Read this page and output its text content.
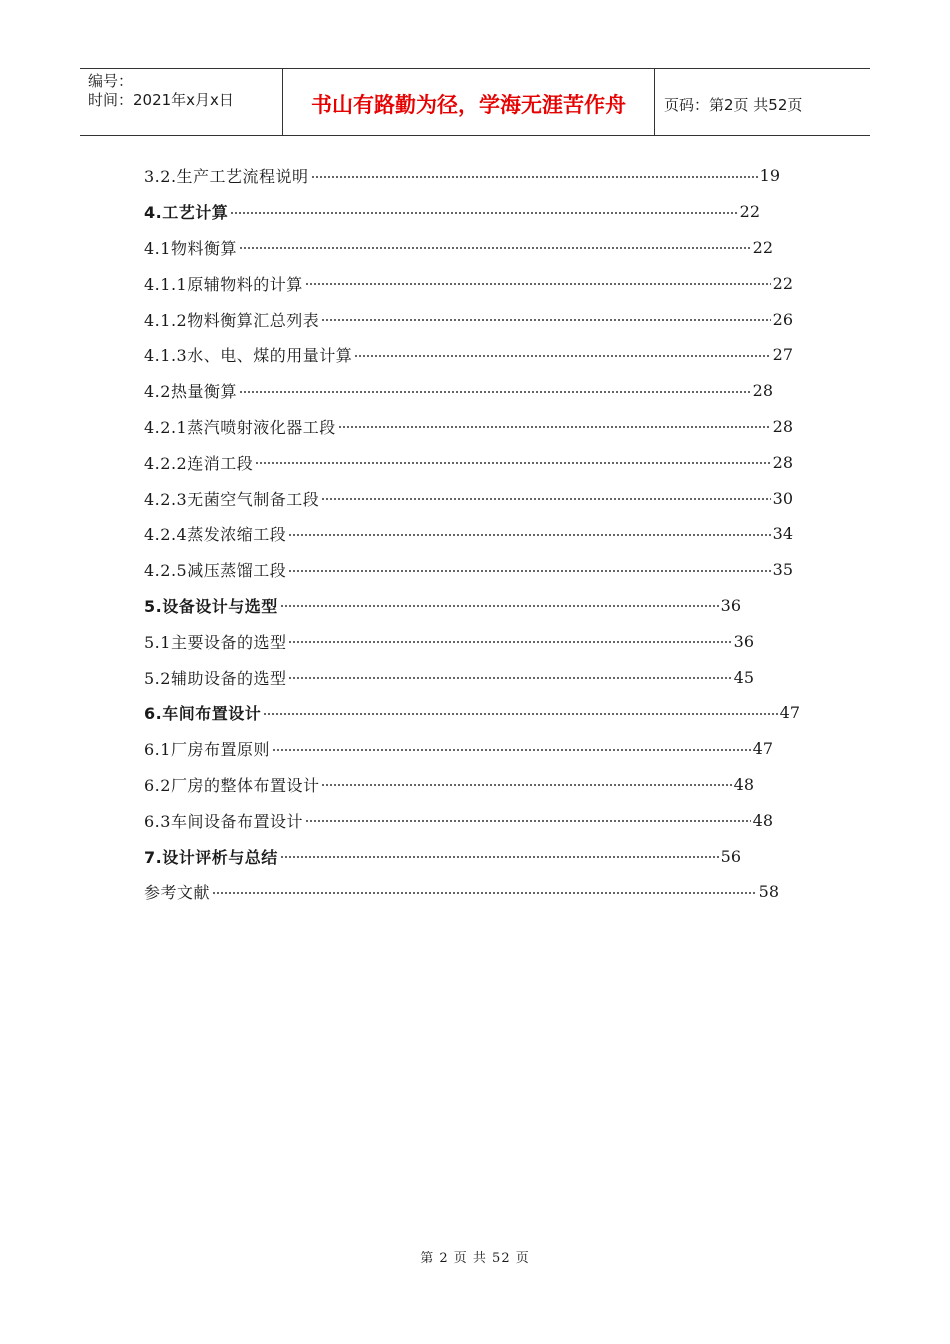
编号：
时间：2021年x月x日	书山有路勤为径，学海无涯苦作舟	页码：第2页 共52页
3.2.生产工艺流程说明	19
4.工艺计算	22
4.1物料衡算	22
4.1.1原辅物料的计算	22
4.1.2物料衡算汇总列表	26
4.1.3水、电、煤的用量计算	27
4.2热量衡算	28
4.2.1蒸汽喷射液化器工段	28
4.2.2连消工段	28
4.2.3无菌空气制备工段	30
4.2.4蒸发浓缩工段	34
4.2.5减压蒸馏工段	35
5.设备设计与选型	36
5.1主要设备的选型	36
5.2辅助设备的选型	45
6.车间布置设计	47
6.1厂房布置原则	47
6.2厂房的整体布置设计	48
6.3车间设备布置设计	48
7.设计评析与总结	56
参考文献	58
第 2 页 共 52 页
